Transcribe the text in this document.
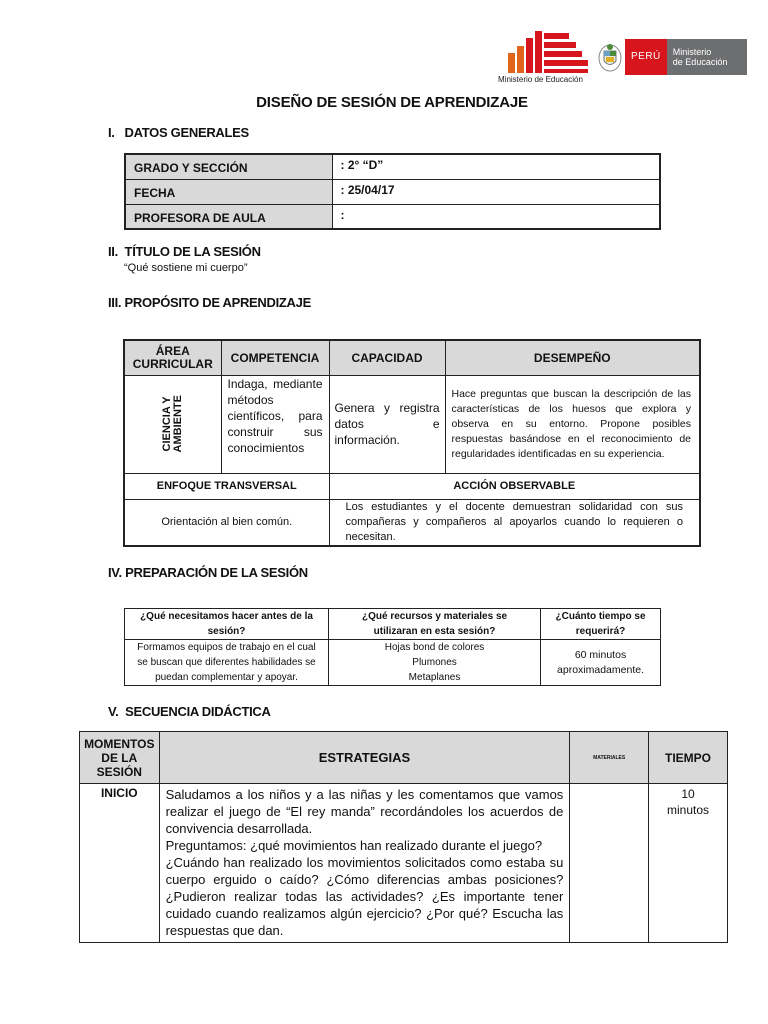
Ministerio de Educación
PERÚ	Ministerio
de Educación
DISEÑO DE SESIÓN DE APRENDIZAJE
I.   DATOS GENERALES
GRADO Y SECCIÓN	: 2° “D”
FECHA	: 25/04/17
PROFESORA DE AULA	:
II.  TÍTULO DE LA SESIÓN
“Qué sostiene mi cuerpo”
III. PROPÓSITO DE APRENDIZAJE
ÁREA CURRICULAR	COMPETENCIA	CAPACIDAD	DESEMPEÑO

CIENCIA Y
AMBIENTE	Indaga, mediante métodos científicos, para construir sus conocimientos	Genera y registra datos e información.	Hace preguntas que buscan la descripción de las características de los huesos que explora y observa en su entorno. Propone posibles respuestas basándose en el reconocimiento de regularidades identificadas en su experiencia.
ENFOQUE TRANSVERSAL		ACCIÓN OBSERVABLE	
Orientación al bien común.		Los estudiantes y el docente demuestran solidaridad con sus compañeras y compañeros al apoyarlos cuando lo requieren o necesitan.	
IV. PREPARACIÓN DE LA SESIÓN
¿Qué necesitamos hacer antes de la sesión?	¿Qué recursos y materiales se utilizaran en esta sesión?	¿Cuánto tiempo se requerirá?
Formamos equipos de trabajo en el cual se buscan que diferentes habilidades se puedan complementar y apoyar.	Hojas bond de colores
Plumones
Metaplanes	60 minutos aproximadamente.
V.  SECUENCIA DIDÁCTICA
MOMENTOS DE LA SESIÓN	ESTRATEGIAS	MATERIALES	TIEMPO
INICIO	Saludamos a los niños y a las niñas y les comentamos que vamos realizar el juego de “El rey manda” recordándoles los acuerdos de convivencia desarrollada.
Preguntamos: ¿qué movimientos han realizado durante el juego?
¿Cuándo han realizado los movimientos solicitados como estaba su cuerpo erguido o caído? ¿Cómo diferencias ambas posiciones? ¿Pudieron realizar todas las actividades? ¿Es importante tener cuidado cuando realizamos algún ejercicio? ¿Por qué? Escucha las respuestas que dan.		10 minutos
